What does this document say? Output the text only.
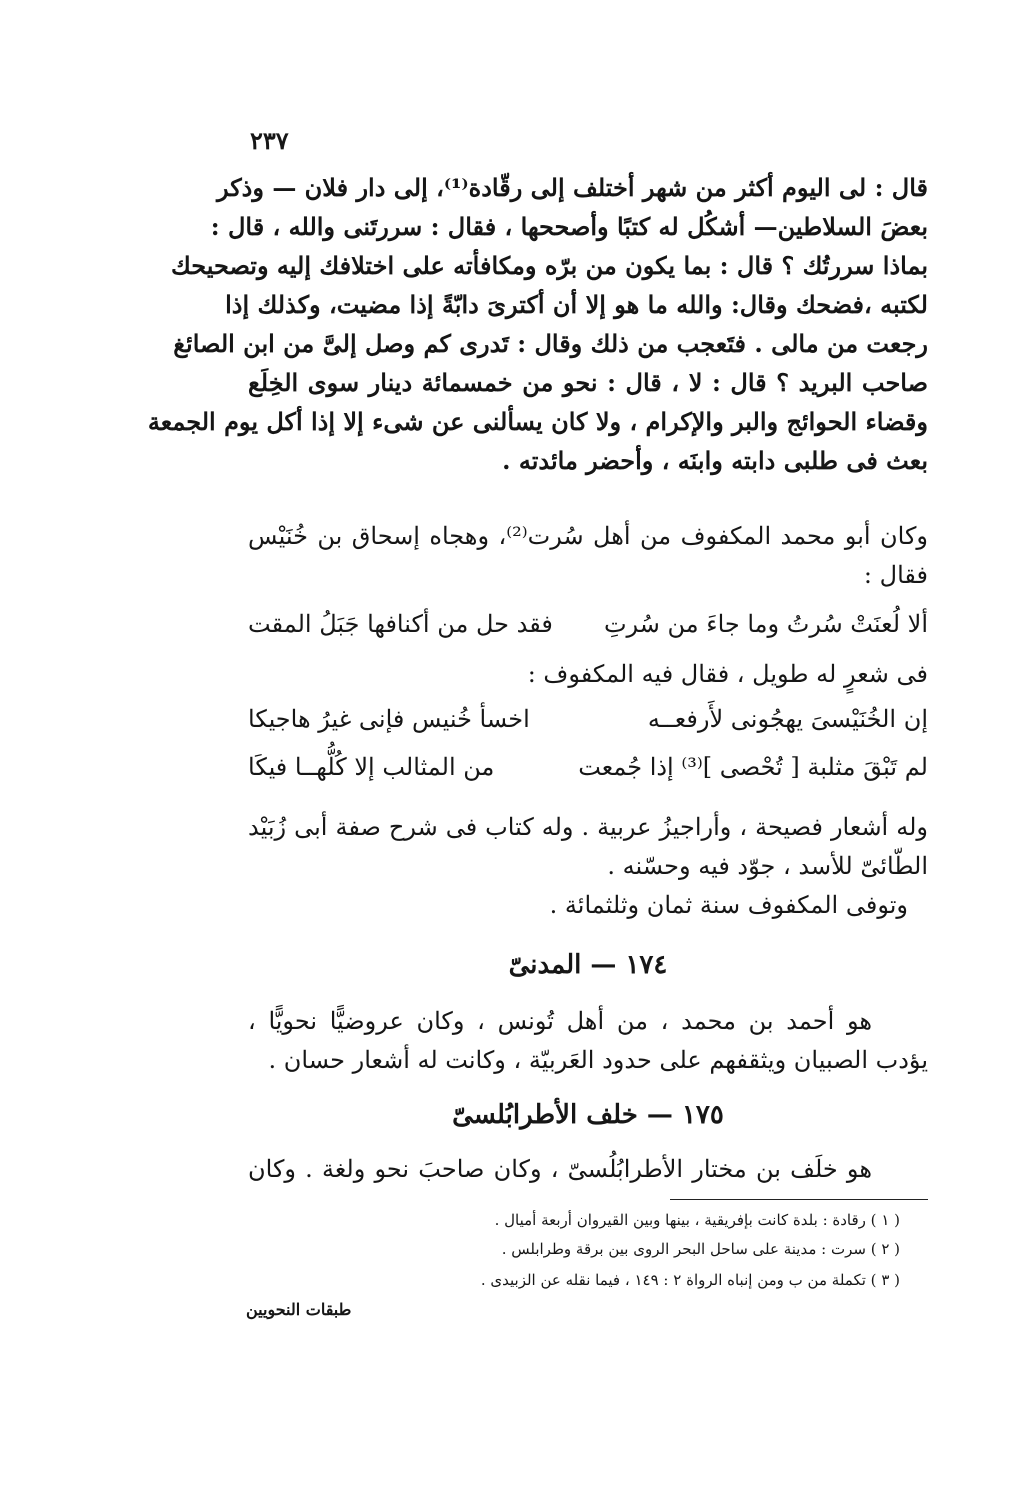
٢٣٧
قال : لى اليوم أكثر من شهر أختلف إلى رقّادة⁽¹⁾، إلى دار فلان — وذكر
بعضَ السلاطين— أشكُل له كتبًا وأصححها ، فقال : سررتَنى والله ، قال :
بماذا سررتُك ؟ قال : بما يكون من برّه ومكافأته على اختلافك إليه وتصحيحك
لكتبه ،فضحك وقال: والله ما هو إلا أن أكترىَ دابّةً إذا مضيت، وكذلك إذا
رجعت من مالى . فتَعجب من ذلك وقال : تَدرى كم وصل إلىَّ من ابن الصائغ
صاحب البريد ؟ قال : لا ، قال : نحو من خمسمائة دينار سوى الخِلَع
وقضاء الحوائج والبر والإكرام ، ولا كان يسألنى عن شىء إلا إذا أكل يوم الجمعة
بعث فى طلبى دابته وابنَه ، وأحضر مائدته .
وكان أبو محمد المكفوف من أهل سُرت⁽²⁾، وهجاه إسحاق بن خُنَيْس
فقال :
ألا لُعنَتْ سُرتُ وما جاءَ من سُرتِ
فقد حل من أكنافها جَبَلُ المقت
فى شعرٍ له طويل ، فقال فيه المكفوف :
إن الخُنَيْسىَ يهجُونى لأَرفعــه
اخسأ خُنيس فإنى غيرُ هاجيكا
لم تَبْقَ مثلبة [ تُحْصى ]⁽³⁾ إذا جُمعت
من المثالب إلا كُلُّهــا فيكَا
وله أشعار فصيحة ، وأراجيزُ عربية . وله كتاب فى شرح صفة أبى زُبَيْد
الطّائىّ للأسد ، جوّد فيه وحسّنه .
وتوفى المكفوف سنة ثمان وثلثمائة .
١٧٤ — المدنىّ
هو أحمد بن محمد ، من أهل تُونس ، وكان عروضيًّا نحويًّا ،
يؤدب الصبيان ويثقفهم على حدود العَربيّة ، وكانت له أشعار حسان .
١٧٥ — خلف الأطرابُلسىّ
هو خلَف بن مختار الأطرابُلُسىّ ، وكان صاحبَ نحو ولغة . وكان
( ١ ) رقادة : بلدة كانت بإفريقية ، بينها وبين القيروان أربعة أميال .
( ٢ ) سرت : مدينة على ساحل البحر الروى بين برقة وطرابلس .
( ٣ ) تكملة من ب ومن إنباه الرواة ٢ : ١٤٩ ، فيما نقله عن الزبيدى .
طبقات النحويين
